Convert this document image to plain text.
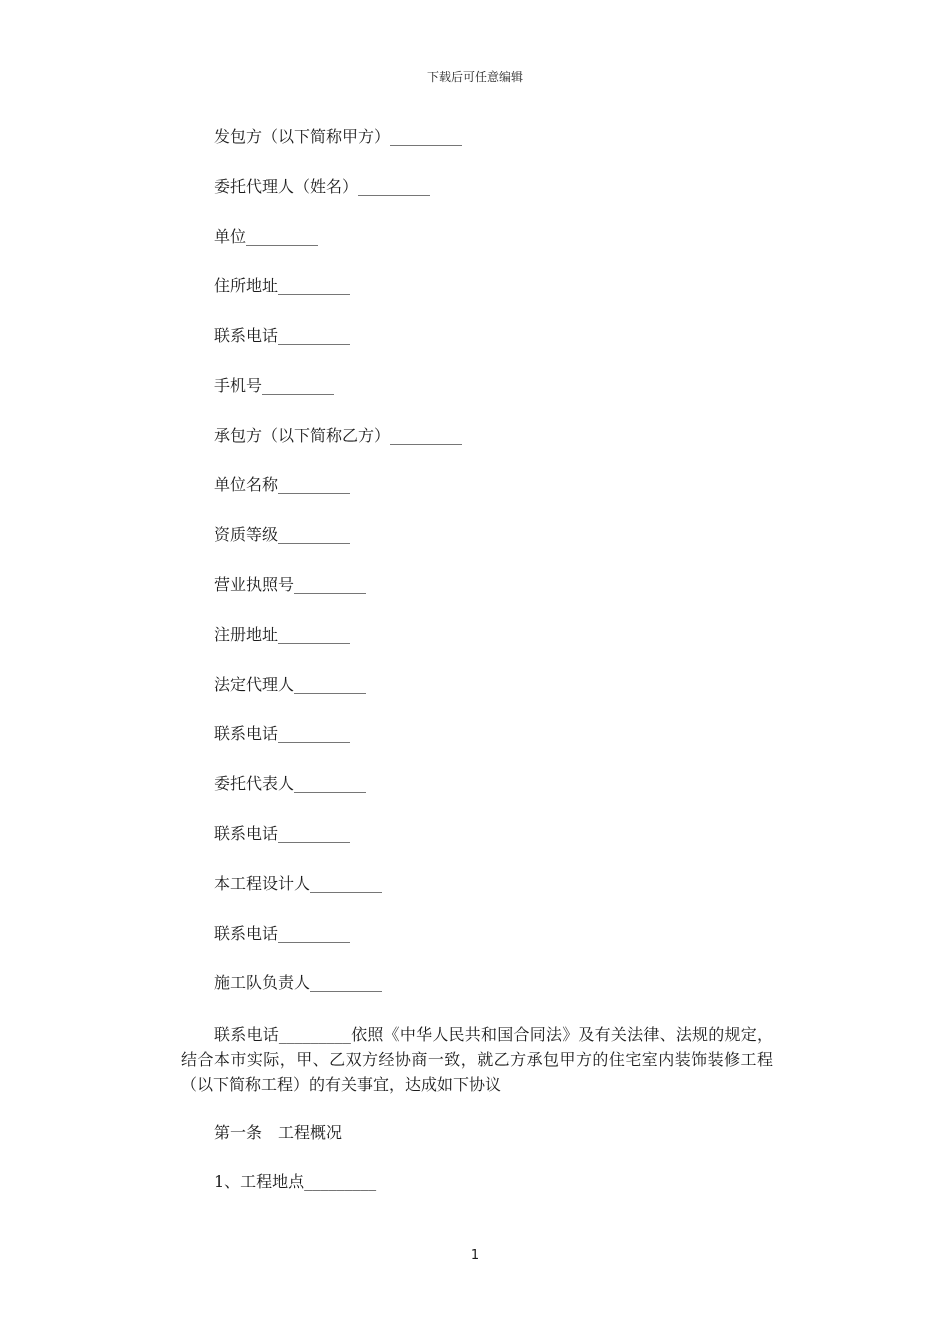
下载后可任意编辑
发包方（以下简称甲方）_________
委托代理人（姓名）_________
单位_________
住所地址_________
联系电话_________
手机号_________
承包方（以下简称乙方）_________
单位名称_________
资质等级_________
营业执照号_________
注册地址_________
法定代理人_________
联系电话_________
委托代表人_________
联系电话_________
本工程设计人_________
联系电话_________
施工队负责人_________
联系电话_________依照《中华人民共和国合同法》及有关法律、法规的规定，结合本市实际，甲、乙双方经协商一致，就乙方承包甲方的住宅室内装饰装修工程（以下简称工程）的有关事宜，达成如下协议
第一条　工程概况
1、工程地点_________
1
